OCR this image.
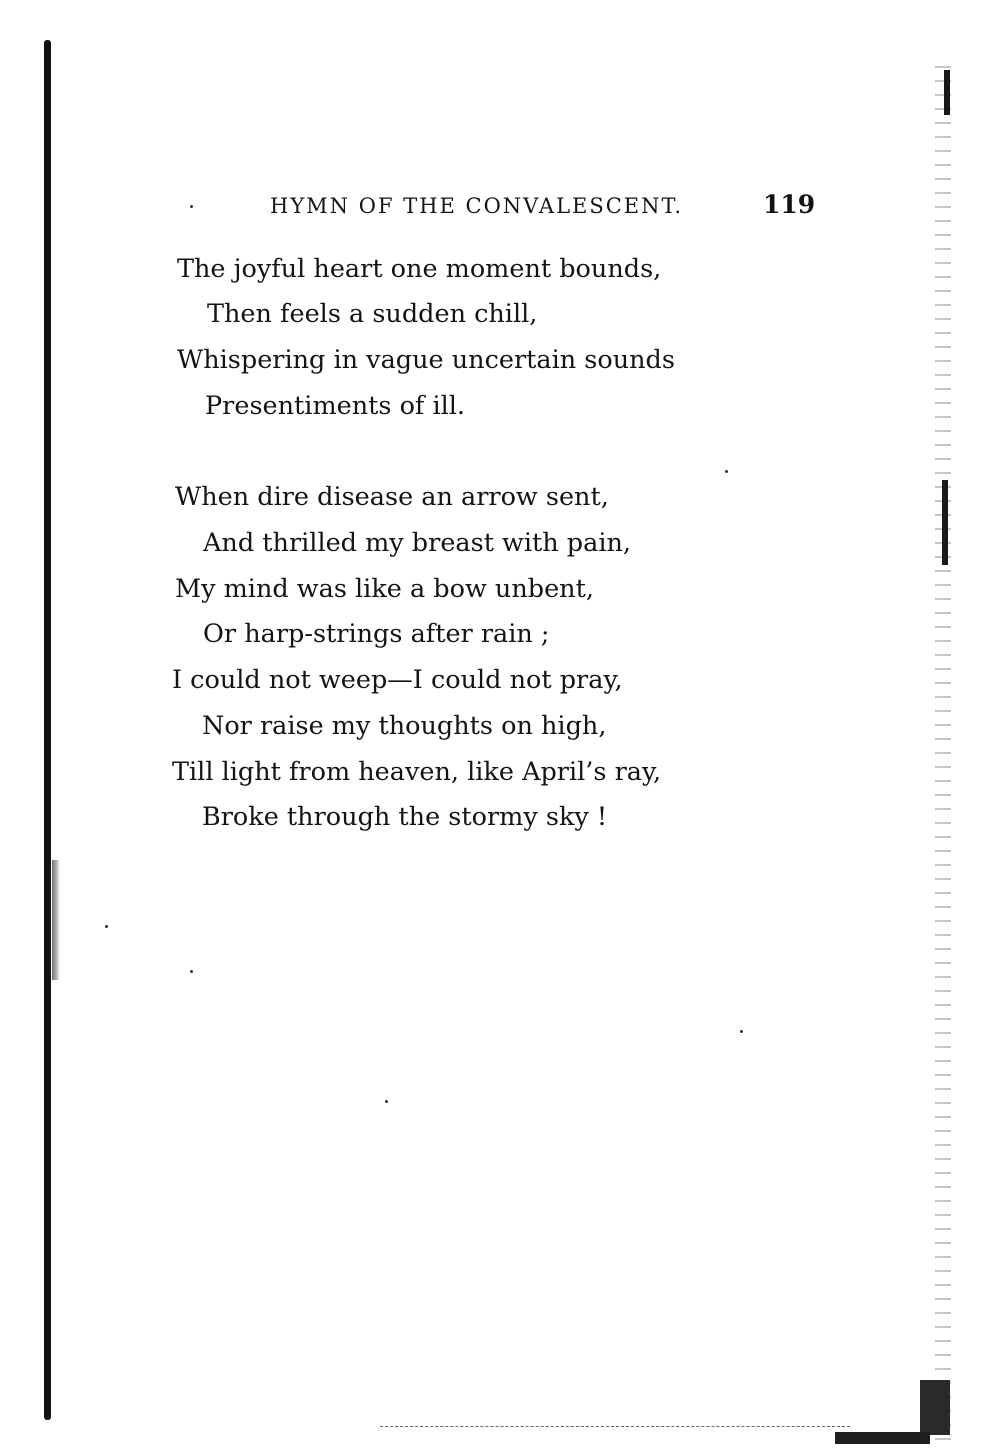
HYMN OF THE CONVALESCENT.	119
The joyful heart one moment bounds,
Then feels a sudden chill,
Whispering in vague uncertain sounds
Presentiments of ill.
When dire disease an arrow sent,
And thrilled my breast with pain,
My mind was like a bow unbent,
Or harp-strings after rain ;
I could not weep—I could not pray,
Nor raise my thoughts on high,
Till light from heaven, like April’s ray,
Broke through the stormy sky !
